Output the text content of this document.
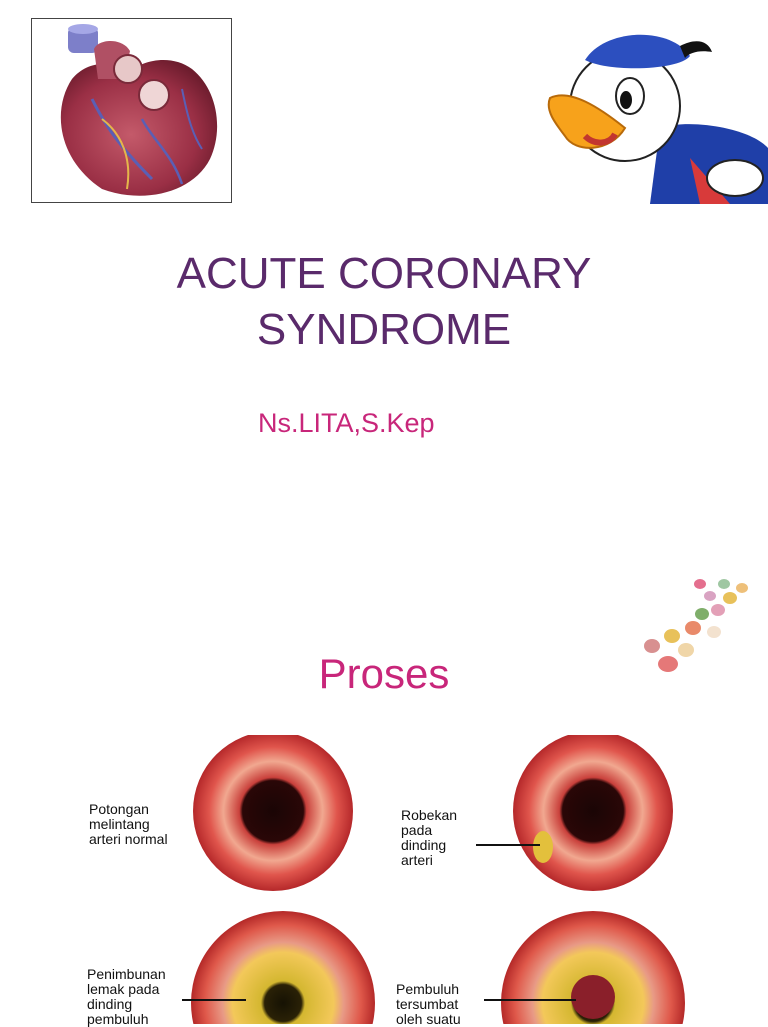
ACUTE CORONARY
SYNDROME
Ns.LITA,S.Kep
Proses
Potongan
melintang
arteri normal
Robekan
pada
dinding
arteri
Penimbunan
lemak pada
dinding
pembuluh
Pembuluh
tersumbat
oleh suatu
